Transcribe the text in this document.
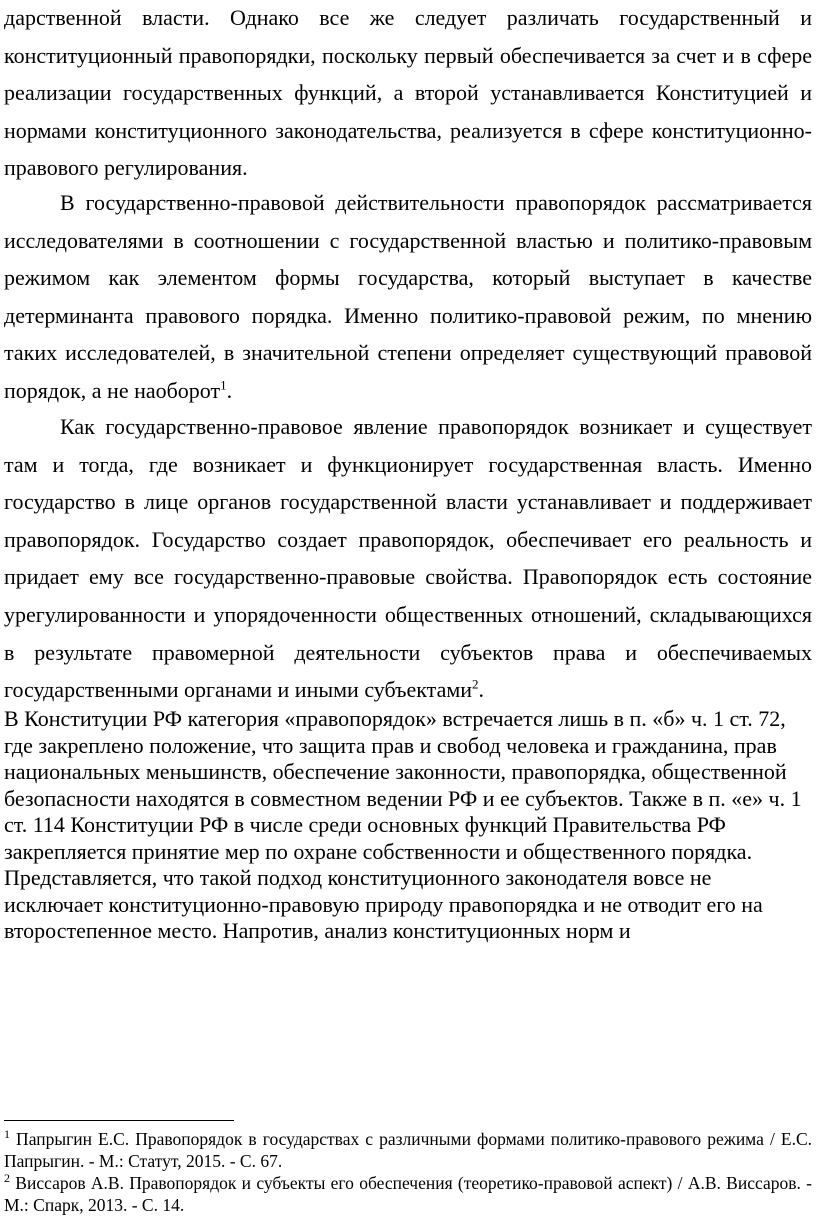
дарственной власти. Однако все же следует различать государственный и конституционный правопорядки, поскольку первый обеспечивается за счет и в сфере реализации государственных функций, а второй устанавливается Конституцией и нормами конституционного законодательства, реализуется в сфере конституционно-правового регулирования.

В государственно-правовой действительности правопорядок рассматривается исследователями в соотношении с государственной властью и политико-правовым режимом как элементом формы государства, который выступает в качестве детерминанта правового порядка. Именно политико-правовой режим, по мнению таких исследователей, в значительной степени определяет существующий правовой порядок, а не наоборот$^1$.

Как государственно-правовое явление правопорядок возникает и существует там и тогда, где возникает и функционирует государственная власть. Именно государство в лице органов государственной власти устанавливает и поддерживает правопорядок. Государство создает правопорядок, обеспечивает его реальность и придает ему все государственно-правовые свойства. Правопорядок есть состояние урегулированности и упорядоченности общественных отношений, складывающихся в результате правомерной деятельности субъектов права и обеспечиваемых государственными органами и иными субъектами$^2$.

В Конституции РФ категория «правопорядок» встречается лишь в п. «б» ч. 1 ст. 72, где закреплено положение, что защита прав и свобод человека и гражданина, прав национальных меньшинств, обеспечение законности, правопорядка, общественной безопасности находятся в совместном ведении РФ и ее субъектов. Также в п. «е» ч. 1 ст. 114 Конституции РФ в числе среди основных функций Правительства РФ закрепляется принятие мер по охране собственности и общественного порядка. Представляется, что такой подход конституционного законодателя вовсе не исключает конституционно-правовую природу правопорядка и не отводит его на второстепенное место. Напротив, анализ конституционных норм и

$^1$ Папрыгин Е.С. Правопорядок в государствах с различными формами политико-правового режима / Е.С. Папрыгин. - М.: Статут, 2015. - С. 67.

$^2$ Виссаров А.В. Правопорядок и субъекты его обеспечения (теоретико-правовой аспект) / А.В. Виссаров. - М.: Спарк, 2013. - С. 14.
